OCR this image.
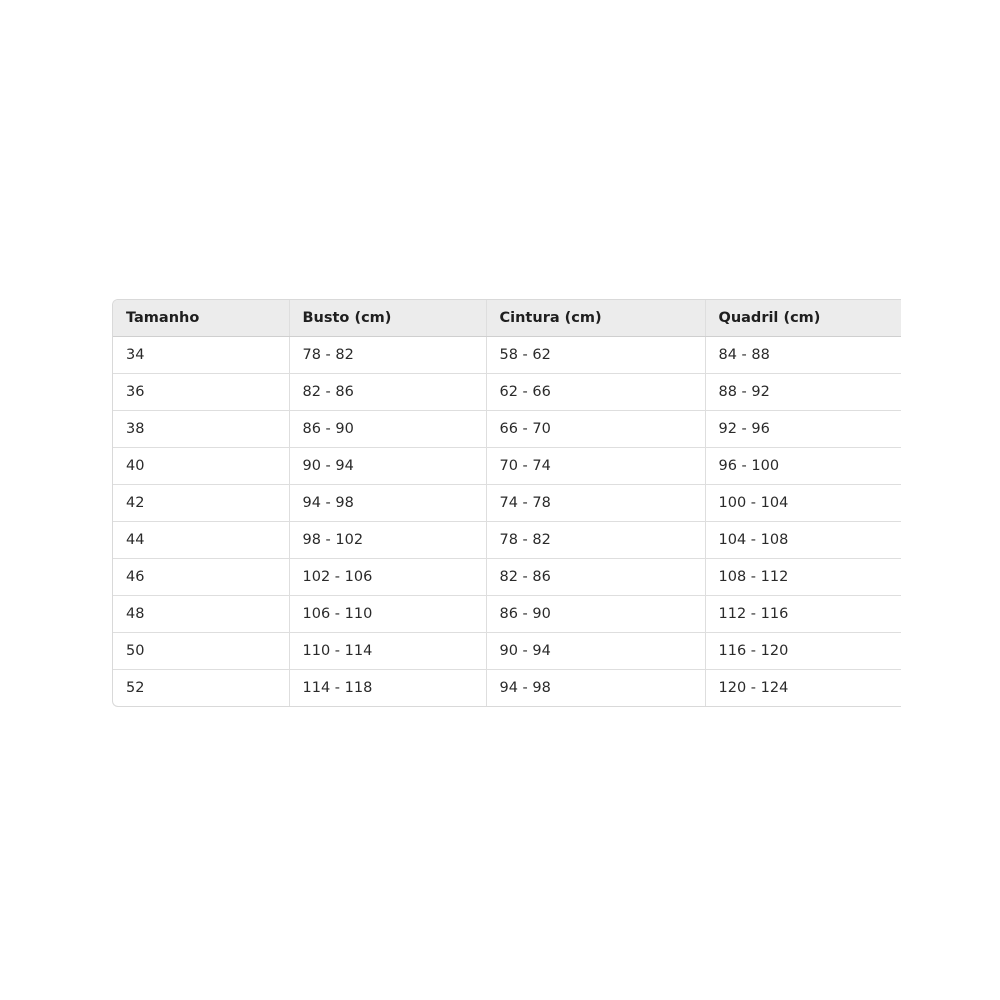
Tamanho	Busto (cm)	Cintura (cm)	Quadril (cm)
34	78 - 82	58 - 62	84 - 88
36	82 - 86	62 - 66	88 - 92
38	86 - 90	66 - 70	92 - 96
40	90 - 94	70 - 74	96 - 100
42	94 - 98	74 - 78	100 - 104
44	98 - 102	78 - 82	104 - 108
46	102 - 106	82 - 86	108 - 112
48	106 - 110	86 - 90	112 - 116
50	110 - 114	90 - 94	116 - 120
52	114 - 118	94 - 98	120 - 124
